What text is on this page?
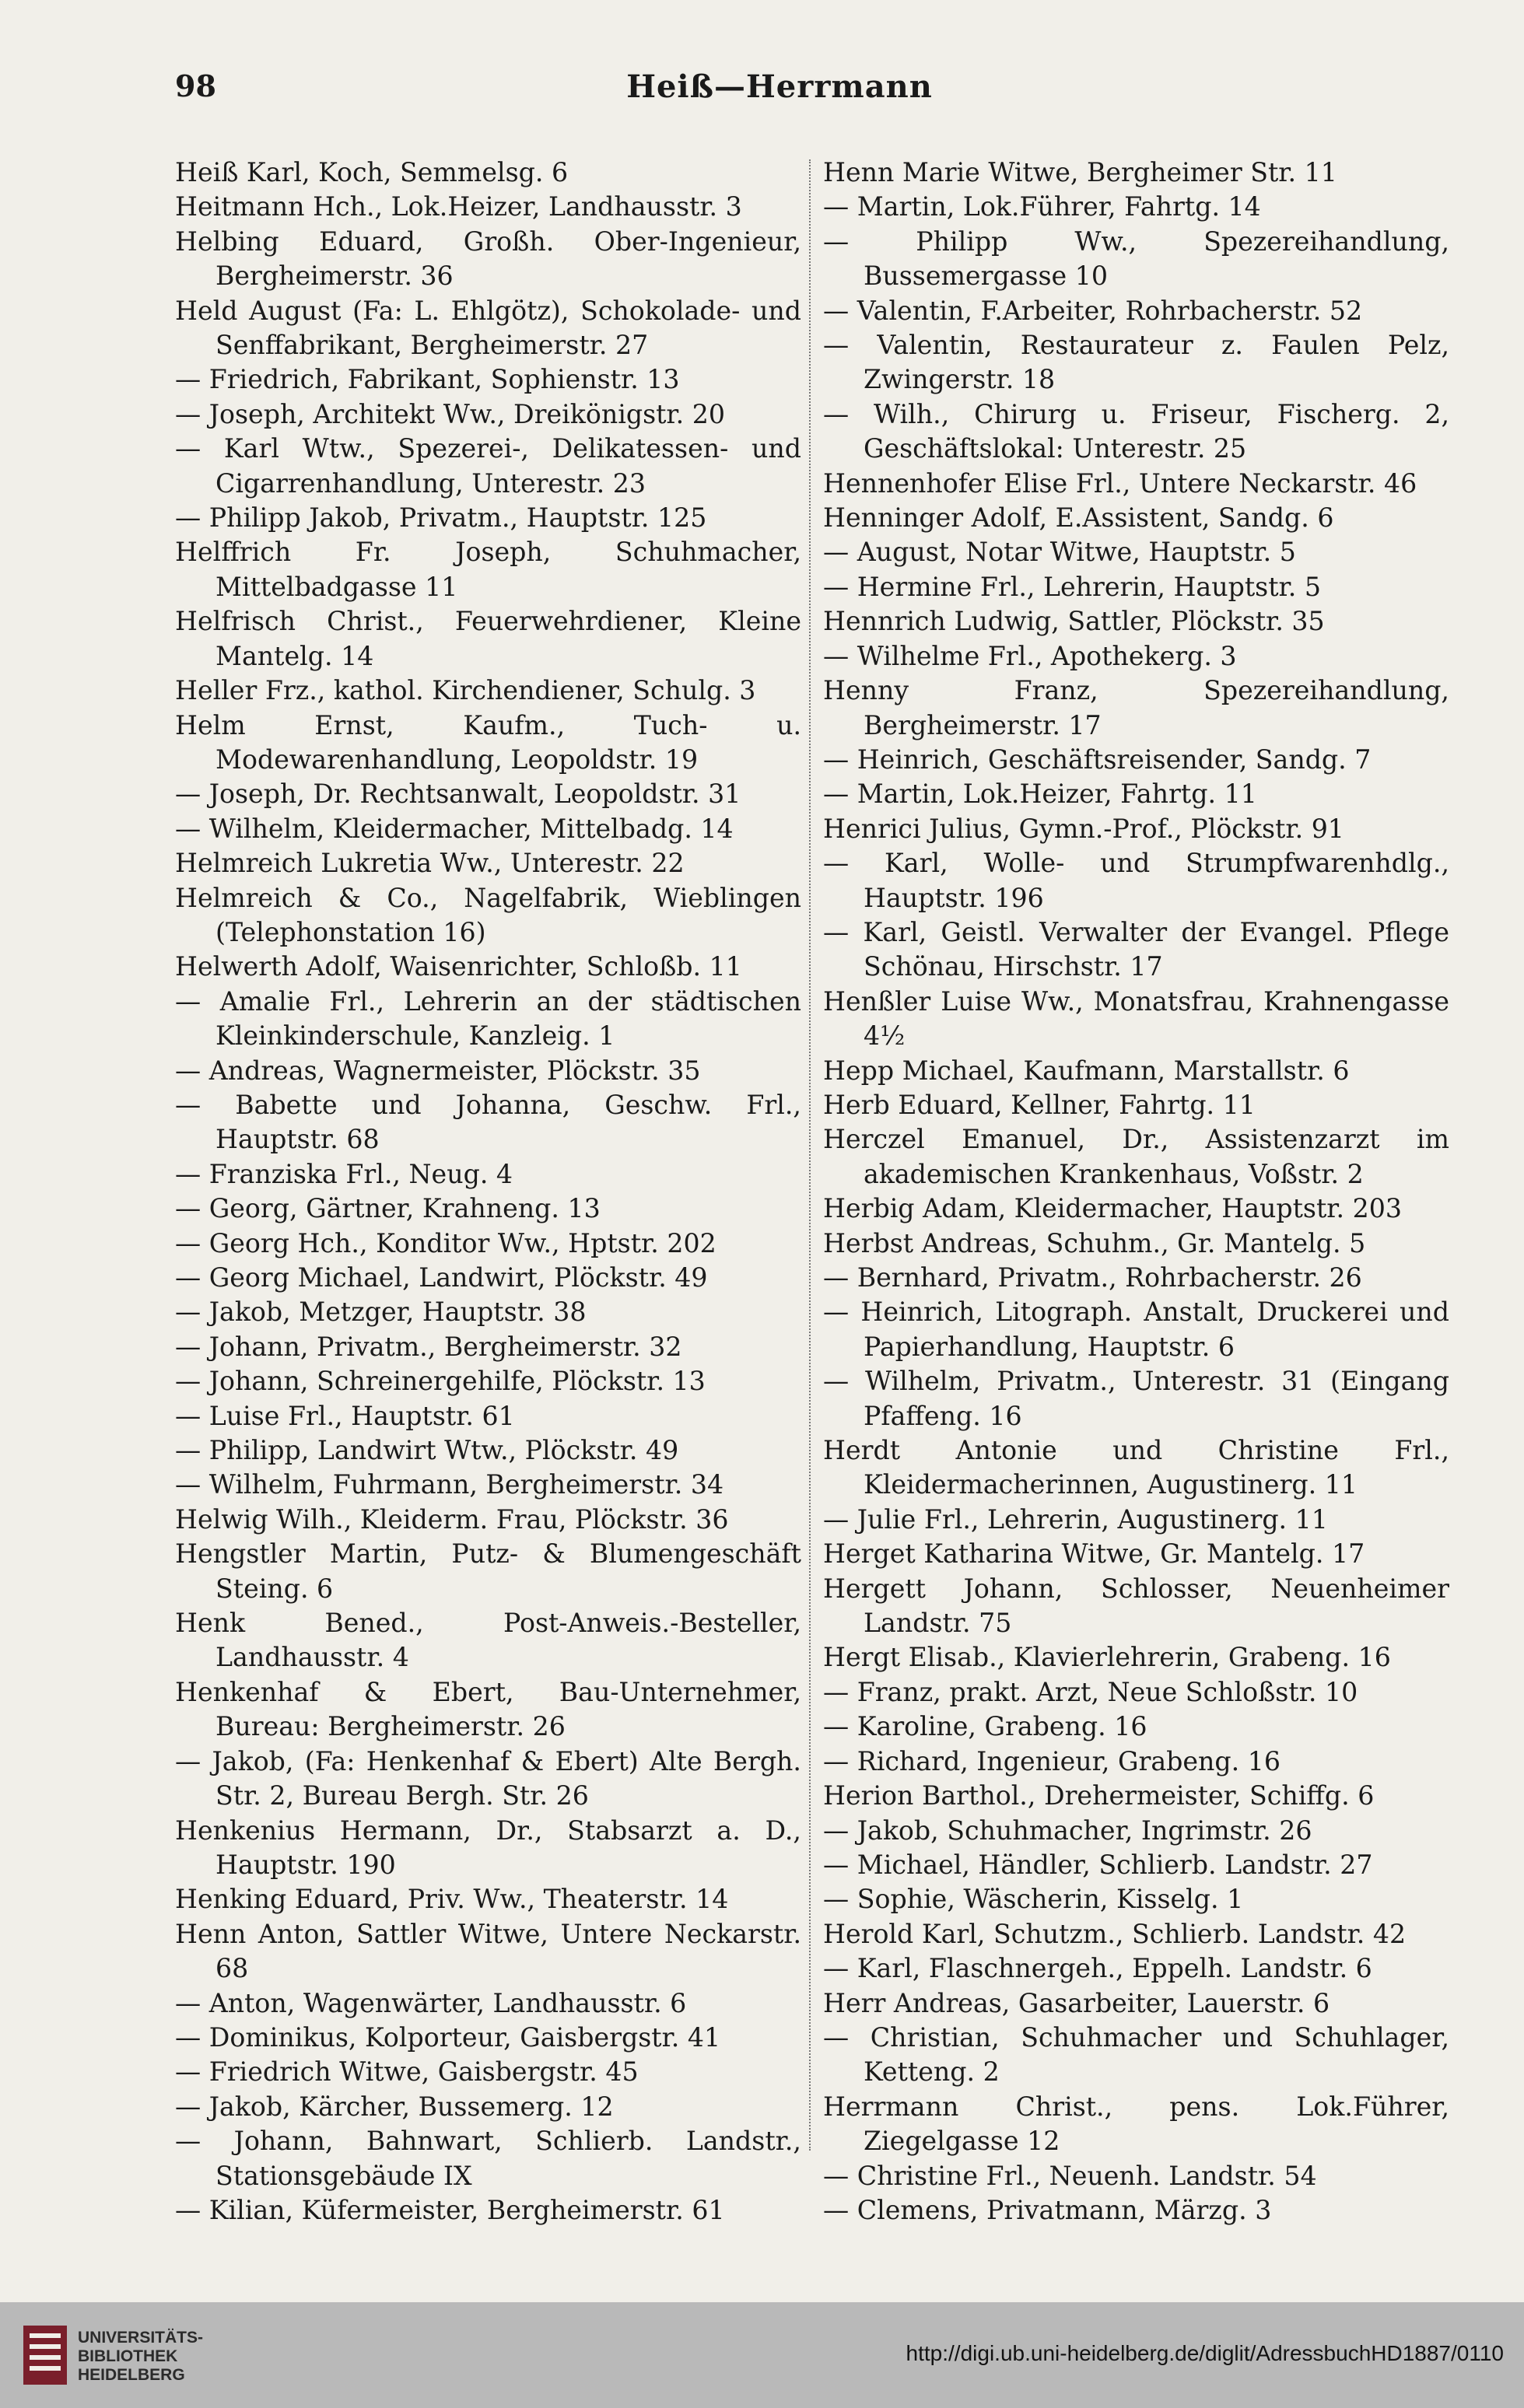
98	Heiß—Herrmann

Heiß Karl, Koch, Semmelsg. 6

Heitmann Hch., Lok.Heizer, Landhausstr. 3

Helbing Eduard, Großh. Ober-Ingenieur, Bergheimerstr. 36

Held August (Fa: L. Ehlgötz), Schokolade- und Senffabrikant, Bergheimerstr. 27

— Friedrich, Fabrikant, Sophienstr. 13

— Joseph, Architekt Ww., Dreikönigstr. 20

— Karl Wtw., Spezerei-, Delikatessen- und Cigarrenhandlung, Unterestr. 23

— Philipp Jakob, Privatm., Hauptstr. 125

Helffrich Fr. Joseph, Schuhmacher, Mittelbadgasse 11

Helfrisch Christ., Feuerwehrdiener, Kleine Mantelg. 14

Heller Frz., kathol. Kirchendiener, Schulg. 3

Helm Ernst, Kaufm., Tuch- u. Modewarenhandlung, Leopoldstr. 19

— Joseph, Dr. Rechtsanwalt, Leopoldstr. 31

— Wilhelm, Kleidermacher, Mittelbadg. 14

Helmreich Lukretia Ww., Unterestr. 22

Helmreich & Co., Nagelfabrik, Wieblingen (Telephonstation 16)

Helwerth Adolf, Waisenrichter, Schloßb. 11

— Amalie Frl., Lehrerin an der städtischen Kleinkinderschule, Kanzleig. 1

— Andreas, Wagnermeister, Plöckstr. 35

— Babette und Johanna, Geschw. Frl., Hauptstr. 68

— Franziska Frl., Neug. 4

— Georg, Gärtner, Krahneng. 13

— Georg Hch., Konditor Ww., Hptstr. 202

— Georg Michael, Landwirt, Plöckstr. 49

— Jakob, Metzger, Hauptstr. 38

— Johann, Privatm., Bergheimerstr. 32

— Johann, Schreinergehilfe, Plöckstr. 13

— Luise Frl., Hauptstr. 61

— Philipp, Landwirt Wtw., Plöckstr. 49

— Wilhelm, Fuhrmann, Bergheimerstr. 34

Helwig Wilh., Kleiderm. Frau, Plöckstr. 36

Hengstler Martin, Putz- & Blumengeschäft Steing. 6

Henk Bened., Post-Anweis.-Besteller, Landhausstr. 4

Henkenhaf & Ebert, Bau-Unternehmer, Bureau: Bergheimerstr. 26

— Jakob, (Fa: Henkenhaf & Ebert) Alte Bergh. Str. 2, Bureau Bergh. Str. 26

Henkenius Hermann, Dr., Stabsarzt a. D., Hauptstr. 190

Henking Eduard, Priv. Ww., Theaterstr. 14

Henn Anton, Sattler Witwe, Untere Neckarstr. 68

— Anton, Wagenwärter, Landhausstr. 6

— Dominikus, Kolporteur, Gaisbergstr. 41

— Friedrich Witwe, Gaisbergstr. 45

— Jakob, Kärcher, Bussemerg. 12

— Johann, Bahnwart, Schlierb. Landstr., Stationsgebäude IX

— Kilian, Küfermeister, Bergheimerstr. 61

Henn Marie Witwe, Bergheimer Str. 11

— Martin, Lok.Führer, Fahrtg. 14

— Philipp Ww., Spezereihandlung, Bussemergasse 10

— Valentin, F.Arbeiter, Rohrbacherstr. 52

— Valentin, Restaurateur z. Faulen Pelz, Zwingerstr. 18

— Wilh., Chirurg u. Friseur, Fischerg. 2, Geschäftslokal: Unterestr. 25

Hennenhofer Elise Frl., Untere Neckarstr. 46

Henninger Adolf, E.Assistent, Sandg. 6

— August, Notar Witwe, Hauptstr. 5

— Hermine Frl., Lehrerin, Hauptstr. 5

Hennrich Ludwig, Sattler, Plöckstr. 35

— Wilhelme Frl., Apothekerg. 3

Henny Franz, Spezereihandlung, Bergheimerstr. 17

— Heinrich, Geschäftsreisender, Sandg. 7

— Martin, Lok.Heizer, Fahrtg. 11

Henrici Julius, Gymn.-Prof., Plöckstr. 91

— Karl, Wolle- und Strumpfwarenhdlg., Hauptstr. 196

— Karl, Geistl. Verwalter der Evangel. Pflege Schönau, Hirschstr. 17

Henßler Luise Ww., Monatsfrau, Krahnengasse 4½

Hepp Michael, Kaufmann, Marstallstr. 6

Herb Eduard, Kellner, Fahrtg. 11

Herczel Emanuel, Dr., Assistenzarzt im akademischen Krankenhaus, Voßstr. 2

Herbig Adam, Kleidermacher, Hauptstr. 203

Herbst Andreas, Schuhm., Gr. Mantelg. 5

— Bernhard, Privatm., Rohrbacherstr. 26

— Heinrich, Litograph. Anstalt, Druckerei und Papierhandlung, Hauptstr. 6

— Wilhelm, Privatm., Unterestr. 31 (Eingang Pfaffeng. 16

Herdt Antonie und Christine Frl., Kleidermacherinnen, Augustinerg. 11

— Julie Frl., Lehrerin, Augustinerg. 11

Herget Katharina Witwe, Gr. Mantelg. 17

Hergett Johann, Schlosser, Neuenheimer Landstr. 75

Hergt Elisab., Klavierlehrerin, Grabeng. 16

— Franz, prakt. Arzt, Neue Schloßstr. 10

— Karoline, Grabeng. 16

— Richard, Ingenieur, Grabeng. 16

Herion Barthol., Drehermeister, Schiffg. 6

— Jakob, Schuhmacher, Ingrimstr. 26

— Michael, Händler, Schlierb. Landstr. 27

— Sophie, Wäscherin, Kisselg. 1

Herold Karl, Schutzm., Schlierb. Landstr. 42

— Karl, Flaschnergeh., Eppelh. Landstr. 6

Herr Andreas, Gasarbeiter, Lauerstr. 6

— Christian, Schuhmacher und Schuhlager, Ketteng. 2

Herrmann Christ., pens. Lok.Führer, Ziegelgasse 12

— Christine Frl., Neuenh. Landstr. 54

— Clemens, Privatmann, Märzg. 3

UNIVERSITÄTS-
BIBLIOTHEK
HEIDELBERG
http://digi.ub.uni-heidelberg.de/diglit/AdressbuchHD1887/0110
